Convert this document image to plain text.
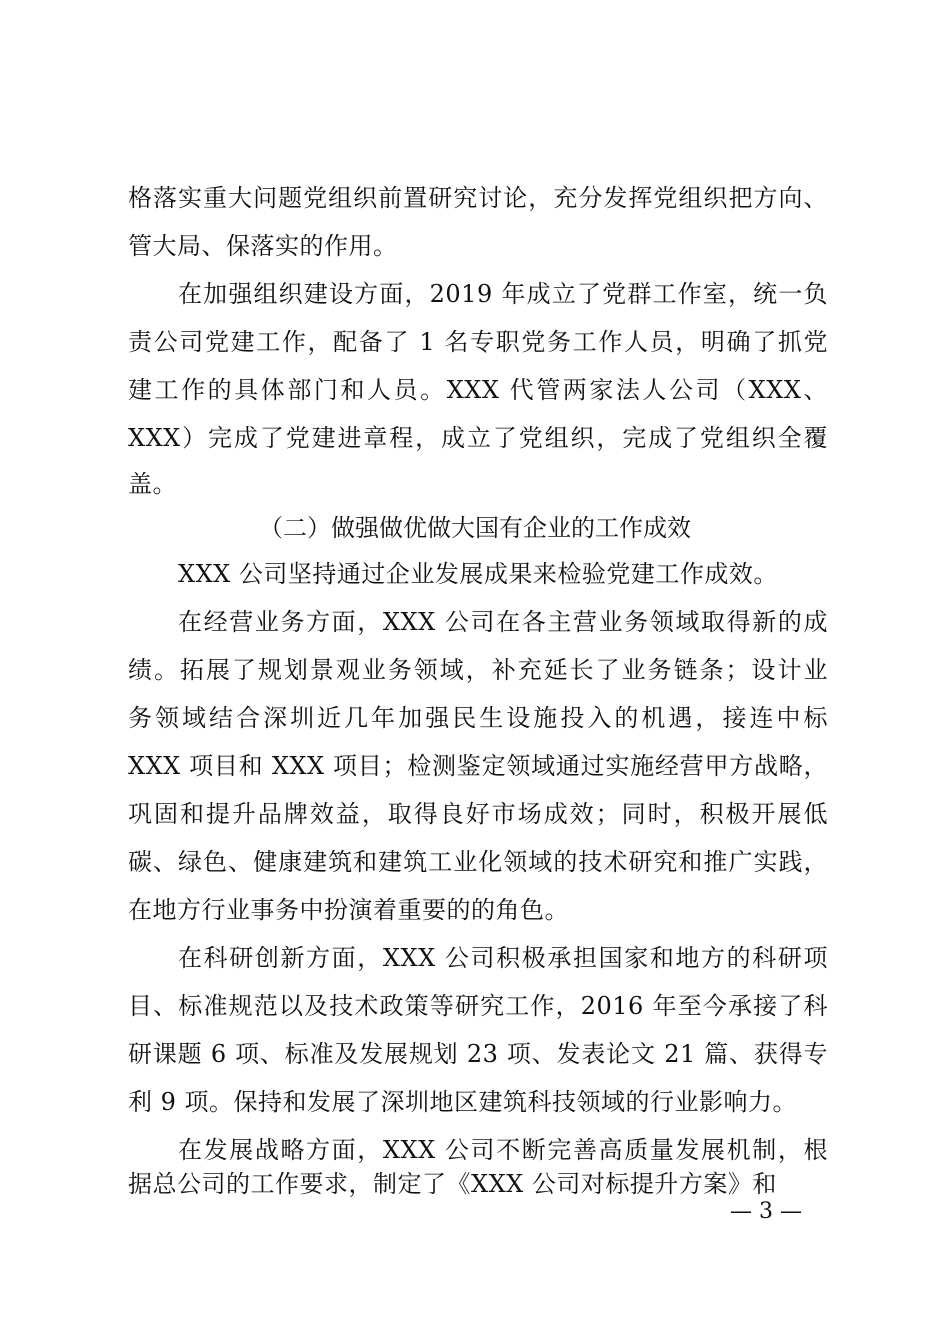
格落实重大问题党组织前置研究讨论，充分发挥党组织把方向、
管大局、保落实的作用。
在加强组织建设方面，2019 年成立了党群工作室，统一负
责公司党建工作，配备了 1 名专职党务工作人员，明确了抓党
建工作的具体部门和人员。XXX 代管两家法人公司（XXX、
XXX）完成了党建进章程，成立了党组织，完成了党组织全覆
盖。
（二）做强做优做大国有企业的工作成效
XXX 公司坚持通过企业发展成果来检验党建工作成效。
在经营业务方面，XXX 公司在各主营业务领域取得新的成
绩。拓展了规划景观业务领域，补充延长了业务链条；设计业
务领域结合深圳近几年加强民生设施投入的机遇，接连中标
XXX 项目和 XXX 项目；检测鉴定领域通过实施经营甲方战略，
巩固和提升品牌效益，取得良好市场成效；同时，积极开展低
碳、绿色、健康建筑和建筑工业化领域的技术研究和推广实践，
在地方行业事务中扮演着重要的的角色。
在科研创新方面，XXX 公司积极承担国家和地方的科研项
目、标准规范以及技术政策等研究工作，2016 年至今承接了科
研课题 6 项、标准及发展规划 23 项、发表论文 21 篇、获得专
利 9 项。保持和发展了深圳地区建筑科技领域的行业影响力。
在发展战略方面，XXX 公司不断完善高质量发展机制，根
据总公司的工作要求，制定了《XXX 公司对标提升方案》和
— 3 —
